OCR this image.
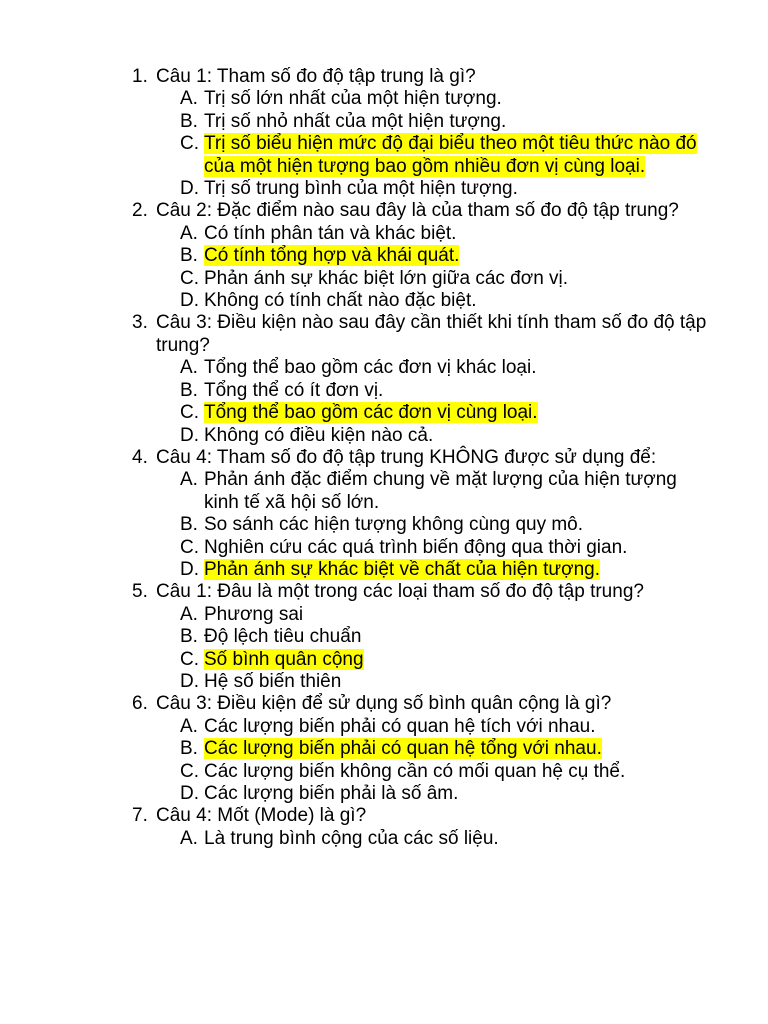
1. Câu 1: Tham số đo độ tập trung là gì?
A. Trị số lớn nhất của một hiện tượng.
B. Trị số nhỏ nhất của một hiện tượng.
C. Trị số biểu hiện mức độ đại biểu theo một tiêu thức nào đó của một hiện tượng bao gồm nhiều đơn vị cùng loại.
D. Trị số trung bình của một hiện tượng.
2. Câu 2: Đặc điểm nào sau đây là của tham số đo độ tập trung?
A. Có tính phân tán và khác biệt.
B. Có tính tổng hợp và khái quát.
C. Phản ánh sự khác biệt lớn giữa các đơn vị.
D. Không có tính chất nào đặc biệt.
3. Câu 3: Điều kiện nào sau đây cần thiết khi tính tham số đo độ tập trung?
A. Tổng thể bao gồm các đơn vị khác loại.
B. Tổng thể có ít đơn vị.
C. Tổng thể bao gồm các đơn vị cùng loại.
D. Không có điều kiện nào cả.
4. Câu 4: Tham số đo độ tập trung KHÔNG được sử dụng để:
A. Phản ánh đặc điểm chung về mặt lượng của hiện tượng kinh tế xã hội số lớn.
B. So sánh các hiện tượng không cùng quy mô.
C. Nghiên cứu các quá trình biến động qua thời gian.
D. Phản ánh sự khác biệt về chất của hiện tượng.
5. Câu 1: Đâu là một trong các loại tham số đo độ tập trung?
A. Phương sai
B. Độ lệch tiêu chuẩn
C. Số bình quân cộng
D. Hệ số biến thiên
6. Câu 3: Điều kiện để sử dụng số bình quân cộng là gì?
A. Các lượng biến phải có quan hệ tích với nhau.
B. Các lượng biến phải có quan hệ tổng với nhau.
C. Các lượng biến không cần có mối quan hệ cụ thể.
D. Các lượng biến phải là số âm.
7. Câu 4: Mốt (Mode) là gì?
A. Là trung bình cộng của các số liệu.
